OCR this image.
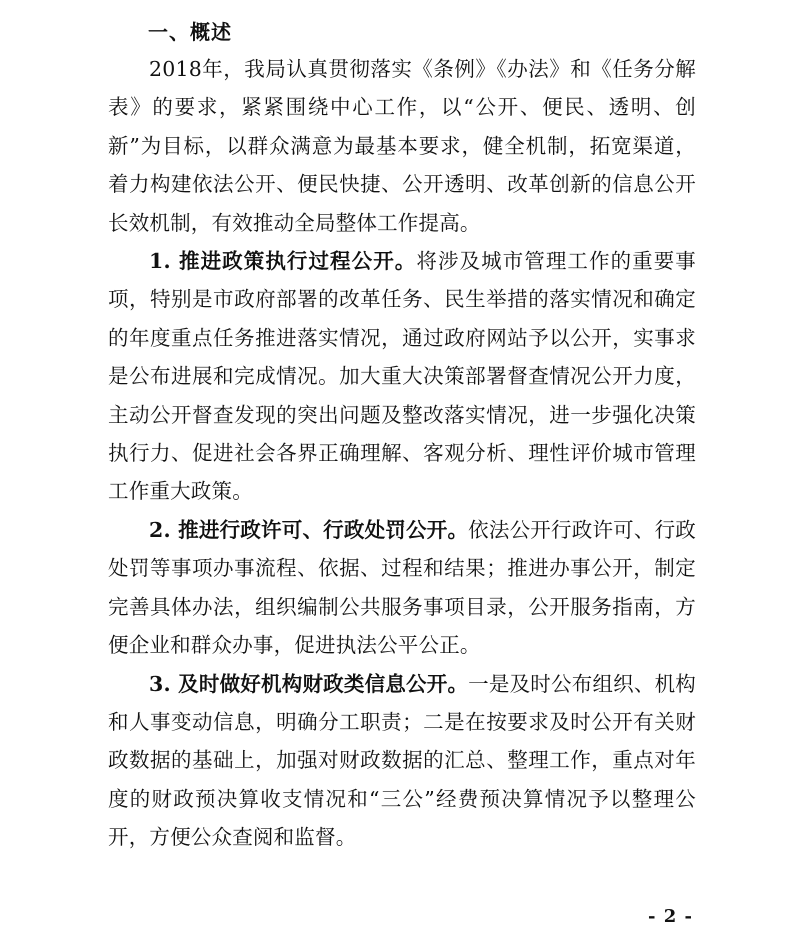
一、概述

2018年，我局认真贯彻落实《条例》《办法》和《任务分解表》的要求，紧紧围绕中心工作，以“公开、便民、透明、创新”为目标，以群众满意为最基本要求，健全机制，拓宽渠道，着力构建依法公开、便民快捷、公开透明、改革创新的信息公开长效机制，有效推动全局整体工作提高。

1. 推进政策执行过程公开。将涉及城市管理工作的重要事项，特别是市政府部署的改革任务、民生举措的落实情况和确定的年度重点任务推进落实情况，通过政府网站予以公开，实事求是公布进展和完成情况。加大重大决策部署督查情况公开力度，主动公开督查发现的突出问题及整改落实情况，进一步强化决策执行力、促进社会各界正确理解、客观分析、理性评价城市管理工作重大政策。

2. 推进行政许可、行政处罚公开。依法公开行政许可、行政处罚等事项办事流程、依据、过程和结果；推进办事公开，制定完善具体办法，组织编制公共服务事项目录，公开服务指南，方便企业和群众办事，促进执法公平公正。

3. 及时做好机构财政类信息公开。一是及时公布组织、机构和人事变动信息，明确分工职责；二是在按要求及时公开有关财政数据的基础上，加强对财政数据的汇总、整理工作，重点对年度的财政预决算收支情况和“三公”经费预决算情况予以整理公开，方便公众查阅和监督。

- 2 -
